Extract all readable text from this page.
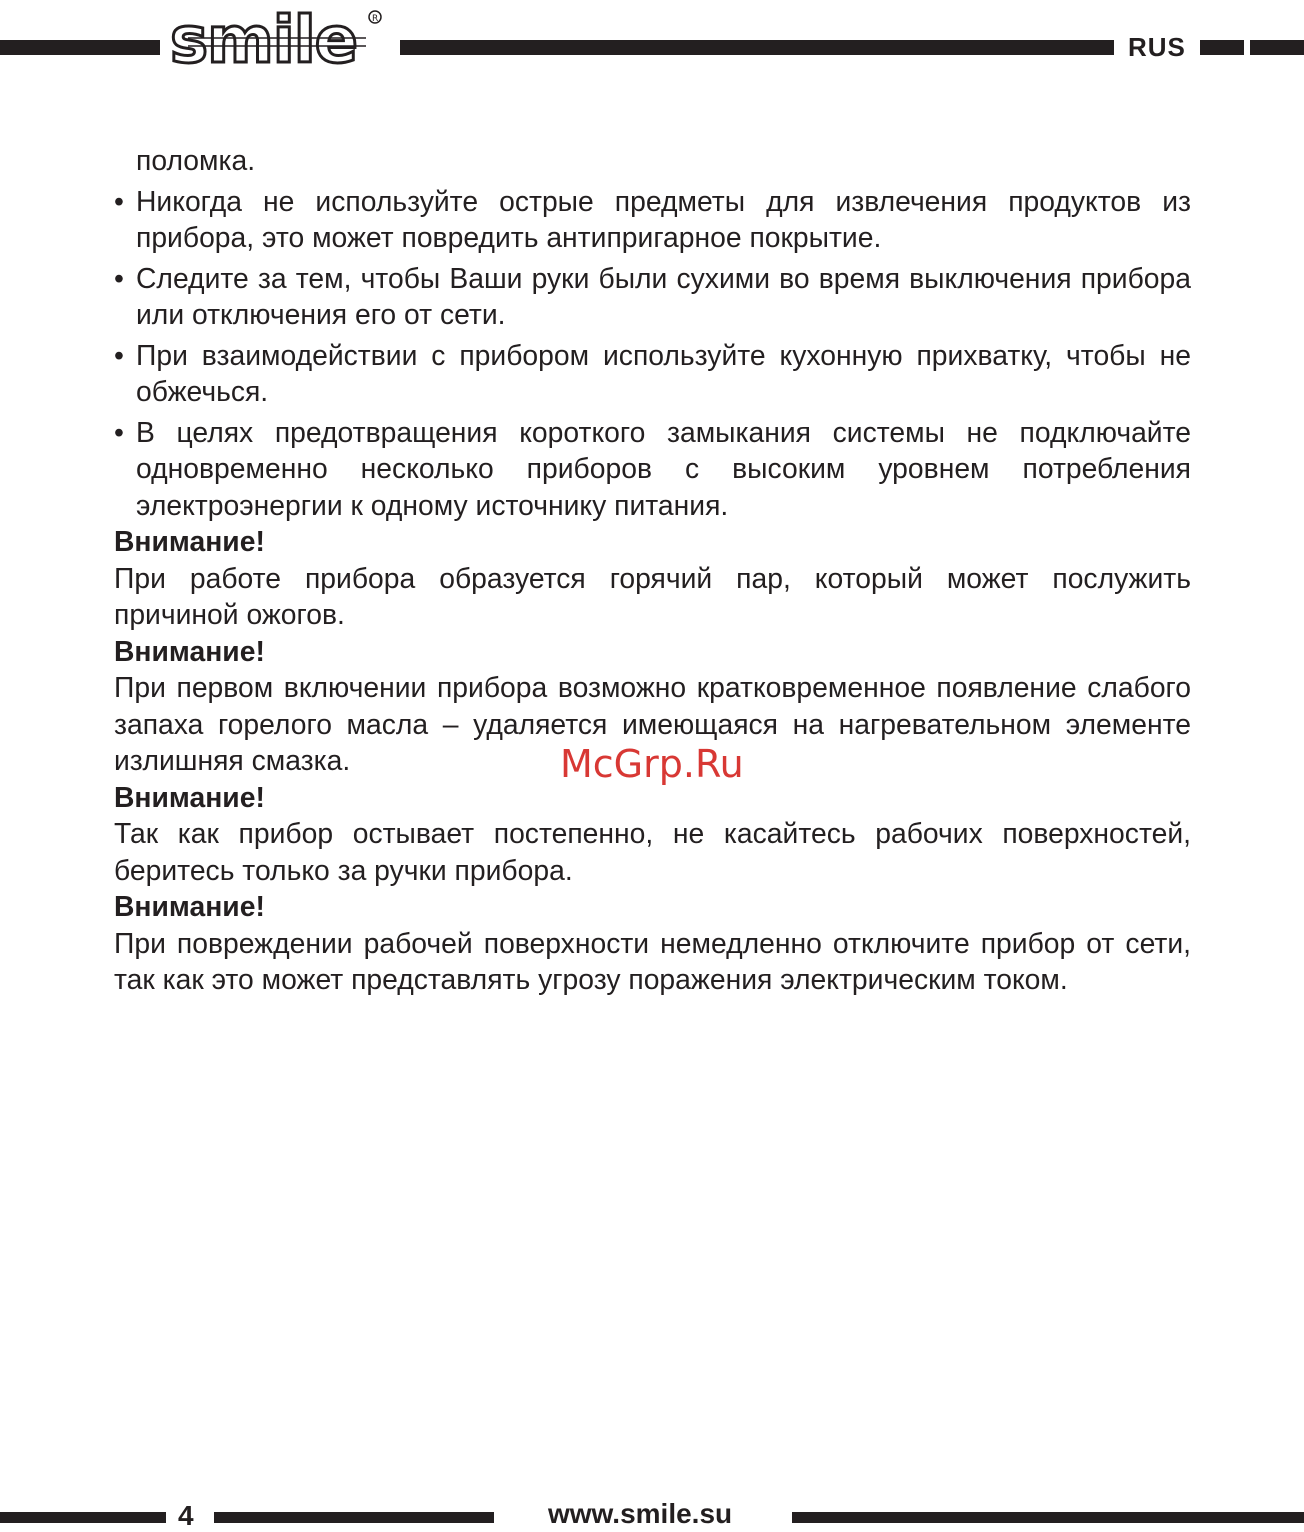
smile R
RUS
поломка.
• Никогда не используйте острые предметы для извлечения продуктов из прибора, это может повредить антипригарное покрытие.
• Следите за тем, чтобы Ваши руки были сухими во время выключения прибора или отключения его от сети.
• При взаимодействии с прибором используйте кухонную прихватку, чтобы не обжечься.
• В целях предотвращения короткого замыкания системы не подключайте одновременно несколько приборов с высоким уровнем потребления электроэнергии к одному источнику питания.

Внимание!

При работе прибора образуется горячий пар, который может послужить причиной ожогов.

Внимание!

При первом включении прибора возможно кратковременное появление слабого запаха горелого масла – удаляется имеющаяся на нагревательном элементе излишняя смазка.

Внимание!

Так как прибор остывает постепенно, не касайтесь рабочих поверхностей, беритесь только за ручки прибора.

Внимание!

При повреждении рабочей поверхности немедленно отключите прибор от сети, так как это может представлять угрозу поражения электрическим током.

McGrp.Ru
4	www.smile.su
